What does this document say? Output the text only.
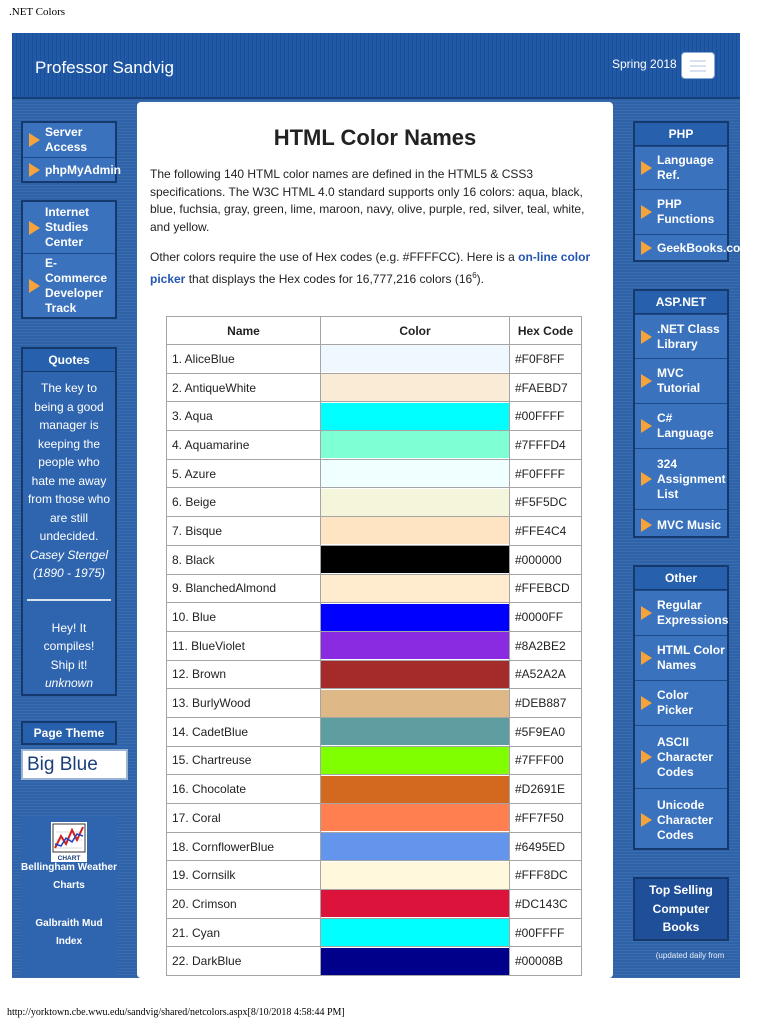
.NET Colors
Professor Sandvig	Spring 2018
Server Access
phpMyAdmin
Internet Studies Center
E-Commerce Developer Track
Quotes
The key to being a good manager is keeping the people who hate me away from those who are still undecided.
Casey Stengel (1890 - 1975)
Hey! It compiles! Ship it!
unknown
Page Theme
Big Blue
CHART
Bellingham Weather Charts
Galbraith Mud Index
PHP
Language Ref.
PHP Functions
GeekBooks.com
ASP.NET
.NET Class Library
MVC Tutorial
C# Language
324 Assignment List
MVC Music
Other
Regular Expressions
HTML Color Names
Color Picker
ASCII Character Codes
Unicode Character Codes
Top Selling Computer Books
(updated daily from
HTML Color Names

The following 140 HTML color names are defined in the HTML5 & CSS3 specifications. The W3C HTML 4.0 standard supports only 16 colors: aqua, black, blue, fuchsia, gray, green, lime, maroon, navy, olive, purple, red, silver, teal, white, and yellow.

Other colors require the use of Hex codes (e.g. #FFFFCC). Here is a on-line color picker that displays the Hex codes for 16,777,216 colors $(16^6)$.

Name	Color	Hex Code
1. AliceBlue		#F0F8FF
2. AntiqueWhite		#FAEBD7
3. Aqua		#00FFFF
4. Aquamarine		#7FFFD4
5. Azure		#F0FFFF
6. Beige		#F5F5DC
7. Bisque		#FFE4C4
8. Black		#000000
9. BlanchedAlmond		#FFEBCD
10. Blue		#0000FF
11. BlueViolet		#8A2BE2
12. Brown		#A52A2A
13. BurlyWood		#DEB887
14. CadetBlue		#5F9EA0
15. Chartreuse		#7FFF00
16. Chocolate		#D2691E
17. Coral		#FF7F50
18. CornflowerBlue		#6495ED
19. Cornsilk		#FFF8DC
20. Crimson		#DC143C
21. Cyan		#00FFFF
22. DarkBlue		#00008B
http://yorktown.cbe.wwu.edu/sandvig/shared/netcolors.aspx[8/10/2018 4:58:44 PM]
